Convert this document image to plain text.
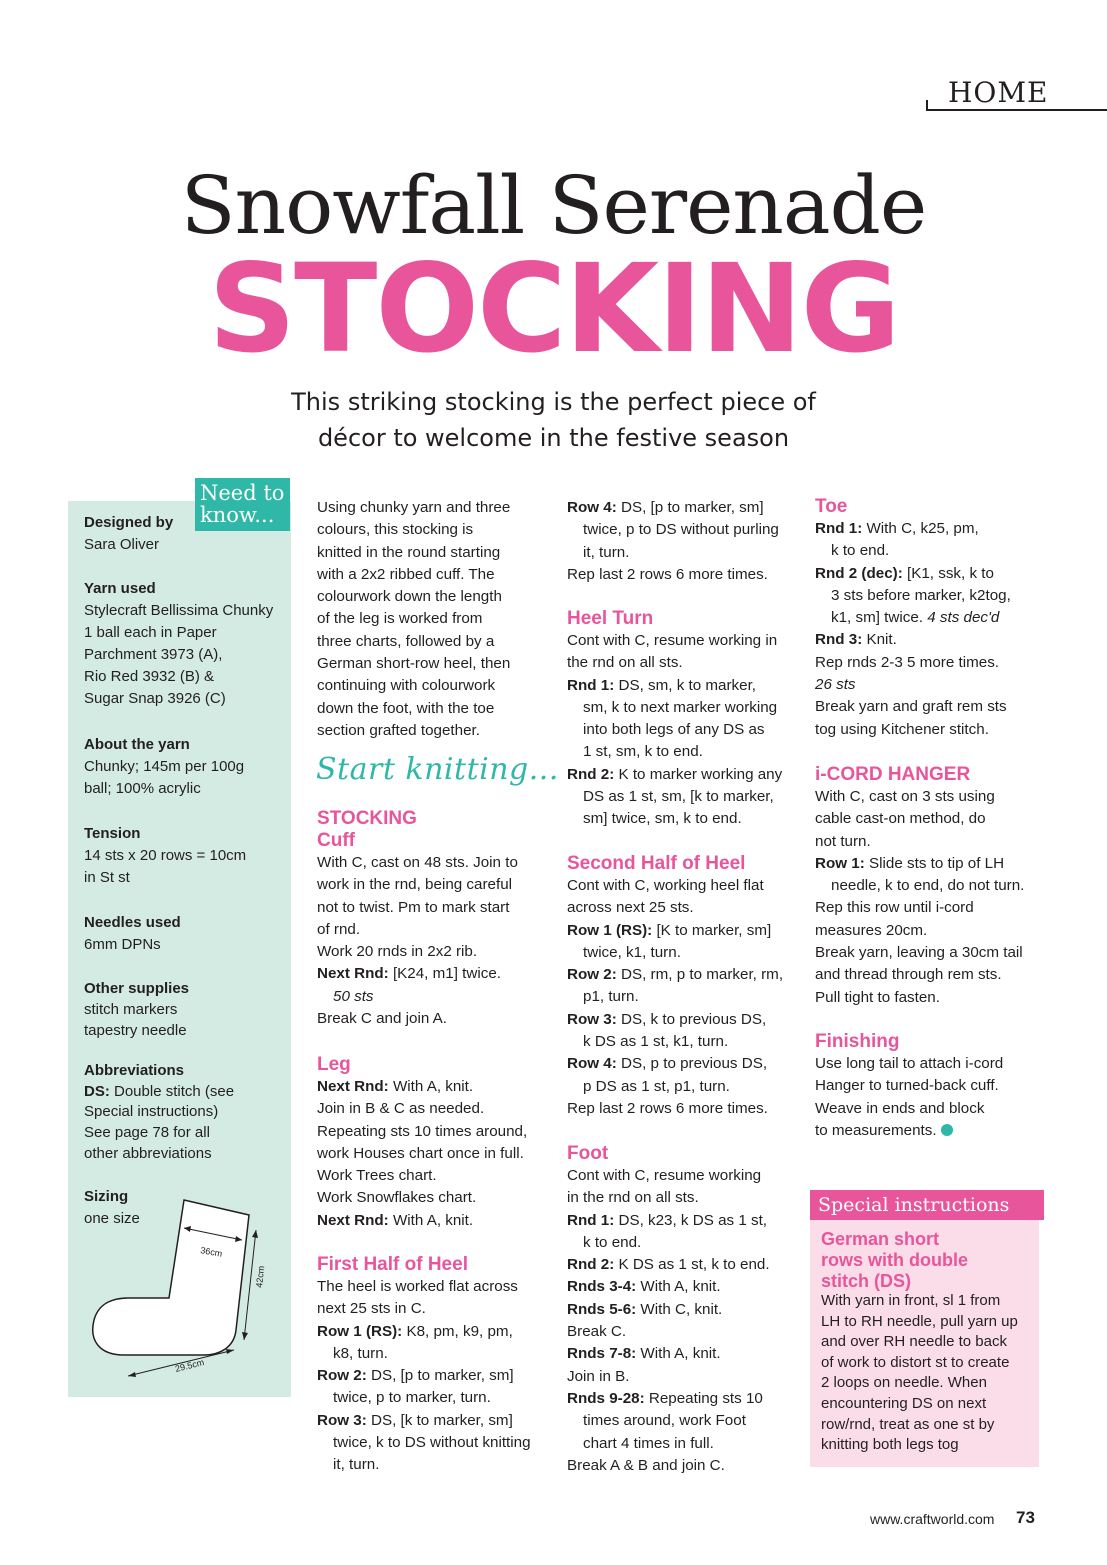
HOME
Snowfall Serenade
STOCKING
This striking stocking is the perfect piece of
décor to welcome in the festive season
Need to
know...
Designed by
Sara Oliver
Yarn used
Stylecraft Bellissima Chunky
1 ball each in Paper
Parchment 3973 (A),
Rio Red 3932 (B) &
Sugar Snap 3926 (C)
About the yarn
Chunky; 145m per 100g
ball; 100% acrylic
Tension
14 sts x 20 rows = 10cm
in St st
Needles used
6mm DPNs
Other supplies
stitch markers
tapestry needle
Abbreviations
DS: Double stitch (see
Special instructions)
See page 78 for all
other abbreviations
Sizing
one size
36cm
42cm
29.5cm

Using chunky yarn and three

colours, this stocking is

knitted in the round starting

with a 2x2 ribbed cuff. The

colourwork down the length

of the leg is worked from

three charts, followed by a

German short-row heel, then

continuing with colourwork

down the foot, with the toe

section grafted together.

Start knitting...

STOCKING

Cuff

With C, cast on 48 sts. Join to

work in the rnd, being careful

not to twist. Pm to mark start

of rnd.

Work 20 rnds in 2x2 rib.

Next Rnd: [K24, m1] twice.

50 sts

Break C and join A.

Leg

Next Rnd: With A, knit.

Join in B & C as needed.

Repeating sts 10 times around,

work Houses chart once in full.

Work Trees chart.

Work Snowflakes chart.

Next Rnd: With A, knit.

First Half of Heel

The heel is worked flat across

next 25 sts in C.

Row 1 (RS): K8, pm, k9, pm,

k8, turn.

Row 2: DS, [p to marker, sm]

twice, p to marker, turn.

Row 3: DS, [k to marker, sm]

twice, k to DS without knitting

it, turn.

Row 4: DS, [p to marker, sm]

twice, p to DS without purling

it, turn.

Rep last 2 rows 6 more times.

Heel Turn

Cont with C, resume working in

the rnd on all sts.

Rnd 1: DS, sm, k to marker,

sm, k to next marker working

into both legs of any DS as

1 st, sm, k to end.

Rnd 2: K to marker working any

DS as 1 st, sm, [k to marker,

sm] twice, sm, k to end.

Second Half of Heel

Cont with C, working heel flat

across next 25 sts.

Row 1 (RS): [K to marker, sm]

twice, k1, turn.

Row 2: DS, rm, p to marker, rm,

p1, turn.

Row 3: DS, k to previous DS,

k DS as 1 st, k1, turn.

Row 4: DS, p to previous DS,

p DS as 1 st, p1, turn.

Rep last 2 rows 6 more times.

Foot

Cont with C, resume working

in the rnd on all sts.

Rnd 1: DS, k23, k DS as 1 st,

k to end.

Rnd 2: K DS as 1 st, k to end.

Rnds 3-4: With A, knit.

Rnds 5-6: With C, knit.

Break C.

Rnds 7-8: With A, knit.

Join in B.

Rnds 9-28: Repeating sts 10

times around, work Foot

chart 4 times in full.

Break A & B and join C.

Toe

Rnd 1: With C, k25, pm,

k to end.

Rnd 2 (dec): [K1, ssk, k to

3 sts before marker, k2tog,

k1, sm] twice. 4 sts dec'd

Rnd 3: Knit.

Rep rnds 2-3 5 more times.

26 sts

Break yarn and graft rem sts

tog using Kitchener stitch.

i-CORD HANGER

With C, cast on 3 sts using

cable cast-on method, do

not turn.

Row 1: Slide sts to tip of LH

needle, k to end, do not turn.

Rep this row until i-cord

measures 20cm.

Break yarn, leaving a 30cm tail

and thread through rem sts.

Pull tight to fasten.

Finishing

Use long tail to attach i-cord

Hanger to turned-back cuff.

Weave in ends and block

to measurements.

Special instructions
German short
rows with double
stitch (DS)
With yarn in front, sl 1 from
LH to RH needle, pull yarn up
and over RH needle to back
of work to distort st to create
2 loops on needle. When
encountering DS on next
row/rnd, treat as one st by
knitting both legs tog
www.craftworld.com 73
